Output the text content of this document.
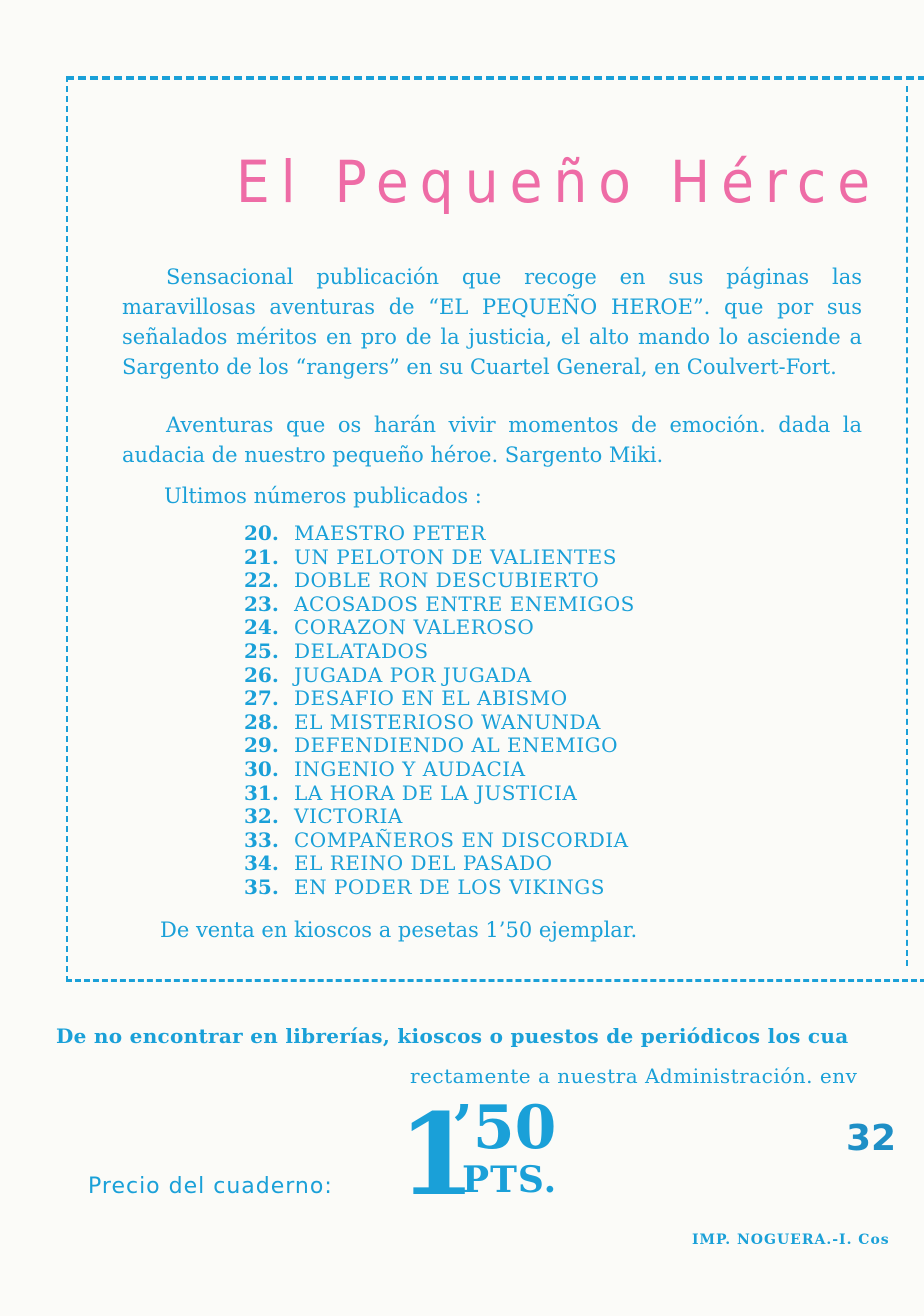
El Pequeño Hérce

Sensacional publicación que recoge en sus páginas las maravillosas aventuras de “EL PEQUEÑO HEROE”. que por sus señalados méritos en pro de la justicia, el alto mando lo asciende a Sargento de los “rangers” en su Cuartel General, en Coulvert-Fort.

Aventuras que os harán vivir momentos de emoción. dada la audacia de nuestro pequeño héroe. Sargento Miki.

Ultimos números publicados :

20. MAESTRO PETER
21. UN PELOTON DE VALIENTES
22. DOBLE RON DESCUBIERTO
23. ACOSADOS ENTRE ENEMIGOS
24. CORAZON VALEROSO
25. DELATADOS
26. JUGADA POR JUGADA
27. DESAFIO EN EL ABISMO
28. EL MISTERIOSO WANUNDA
29. DEFENDIENDO AL ENEMIGO
30. INGENIO Y AUDACIA
31. LA HORA DE LA JUSTICIA
32. VICTORIA
33. COMPAÑEROS EN DISCORDIA
34. EL REINO DEL PASADO
35. EN PODER DE LOS VIKINGS

De venta en kioscos a pesetas 1’50 ejemplar.

De no encontrar en librerías, kioscos o puestos de periódicos los cua

rectamente a nuestra Administración. env

Precio del cuaderno: 1

’50

PTS.

32

IMP. NOGUERA.-I. Cos
